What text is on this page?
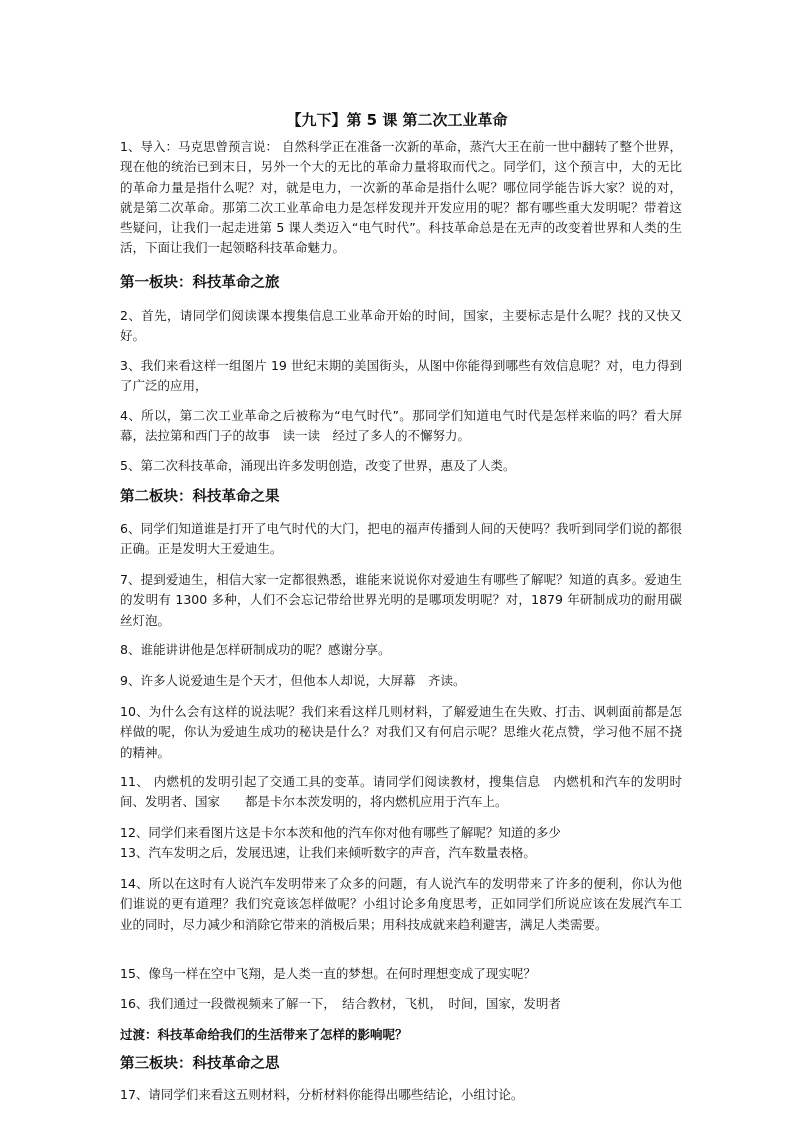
【九下】第 5 课 第二次工业革命

1、导入：马克思曾预言说： 自然科学正在准备一次新的革命，蒸汽大王在前一世中翻转了整个世界，现在他的统治已到末日，另外一个大的无比的革命力量将取而代之。同学们，这个预言中，大的无比的革命力量是指什么呢？对，就是电力，一次新的革命是指什么呢？哪位同学能告诉大家？说的对，就是第二次革命。那第二次工业革命电力是怎样发现并开发应用的呢？都有哪些重大发明呢？带着这些疑问，让我们一起走进第 5 课人类迈入“电气时代”。科技革命总是在无声的改变着世界和人类的生活，下面让我们一起领略科技革命魅力。

第一板块：科技革命之旅

2、首先，请同学们阅读课本搜集信息工业革命开始的时间，国家，主要标志是什么呢？找的又快又好。

3、我们来看这样一组图片 19 世纪末期的美国街头，从图中你能得到哪些有效信息呢？对，电力得到了广泛的应用，

4、所以，第二次工业革命之后被称为“电气时代”。那同学们知道电气时代是怎样来临的吗？看大屏幕，法拉第和西门子的故事　读一读　经过了多人的不懈努力。

5、第二次科技革命，涌现出许多发明创造，改变了世界，惠及了人类。

第二板块：科技革命之果

6、同学们知道谁是打开了电气时代的大门，把电的福声传播到人间的天使吗？我听到同学们说的都很正确。正是发明大王爱迪生。

7、提到爱迪生，相信大家一定都很熟悉，谁能来说说你对爱迪生有哪些了解呢？知道的真多。爱迪生的发明有 1300 多种，人们不会忘记带给世界光明的是哪项发明呢？对，1879 年研制成功的耐用碳丝灯泡。

8、谁能讲讲他是怎样研制成功的呢？感谢分享。

9、许多人说爱迪生是个天才，但他本人却说，大屏幕　齐读。

10、为什么会有这样的说法呢？我们来看这样几则材料，了解爱迪生在失败、打击、讽刺面前都是怎样做的呢，你认为爱迪生成功的秘诀是什么？对我们又有何启示呢？思维火花点赞，学习他不屈不挠的精神。

11、 内燃机的发明引起了交通工具的变革。请同学们阅读教材，搜集信息　内燃机和汽车的发明时间、发明者、国家　　都是卡尔本茨发明的，将内燃机应用于汽车上。

12、同学们来看图片这是卡尔本茨和他的汽车你对他有哪些了解呢？知道的多少

13、汽车发明之后，发展迅速，让我们来倾听数字的声音，汽车数量表格。

14、所以在这时有人说汽车发明带来了众多的问题，有人说汽车的发明带来了许多的便利，你认为他们谁说的更有道理？我们究竟该怎样做呢？小组讨论多角度思考，正如同学们所说应该在发展汽车工业的同时，尽力减少和消除它带来的消极后果；用科技成就来趋利避害，满足人类需要。

15、像鸟一样在空中飞翔，是人类一直的梦想。在何时理想变成了现实呢？

16、我们通过一段微视频来了解一下，　结合教材，飞机，　时间，国家，发明者

过渡：科技革命给我们的生活带来了怎样的影响呢？

第三板块：科技革命之思

17、请同学们来看这五则材料，分析材料你能得出哪些结论，小组讨论。
